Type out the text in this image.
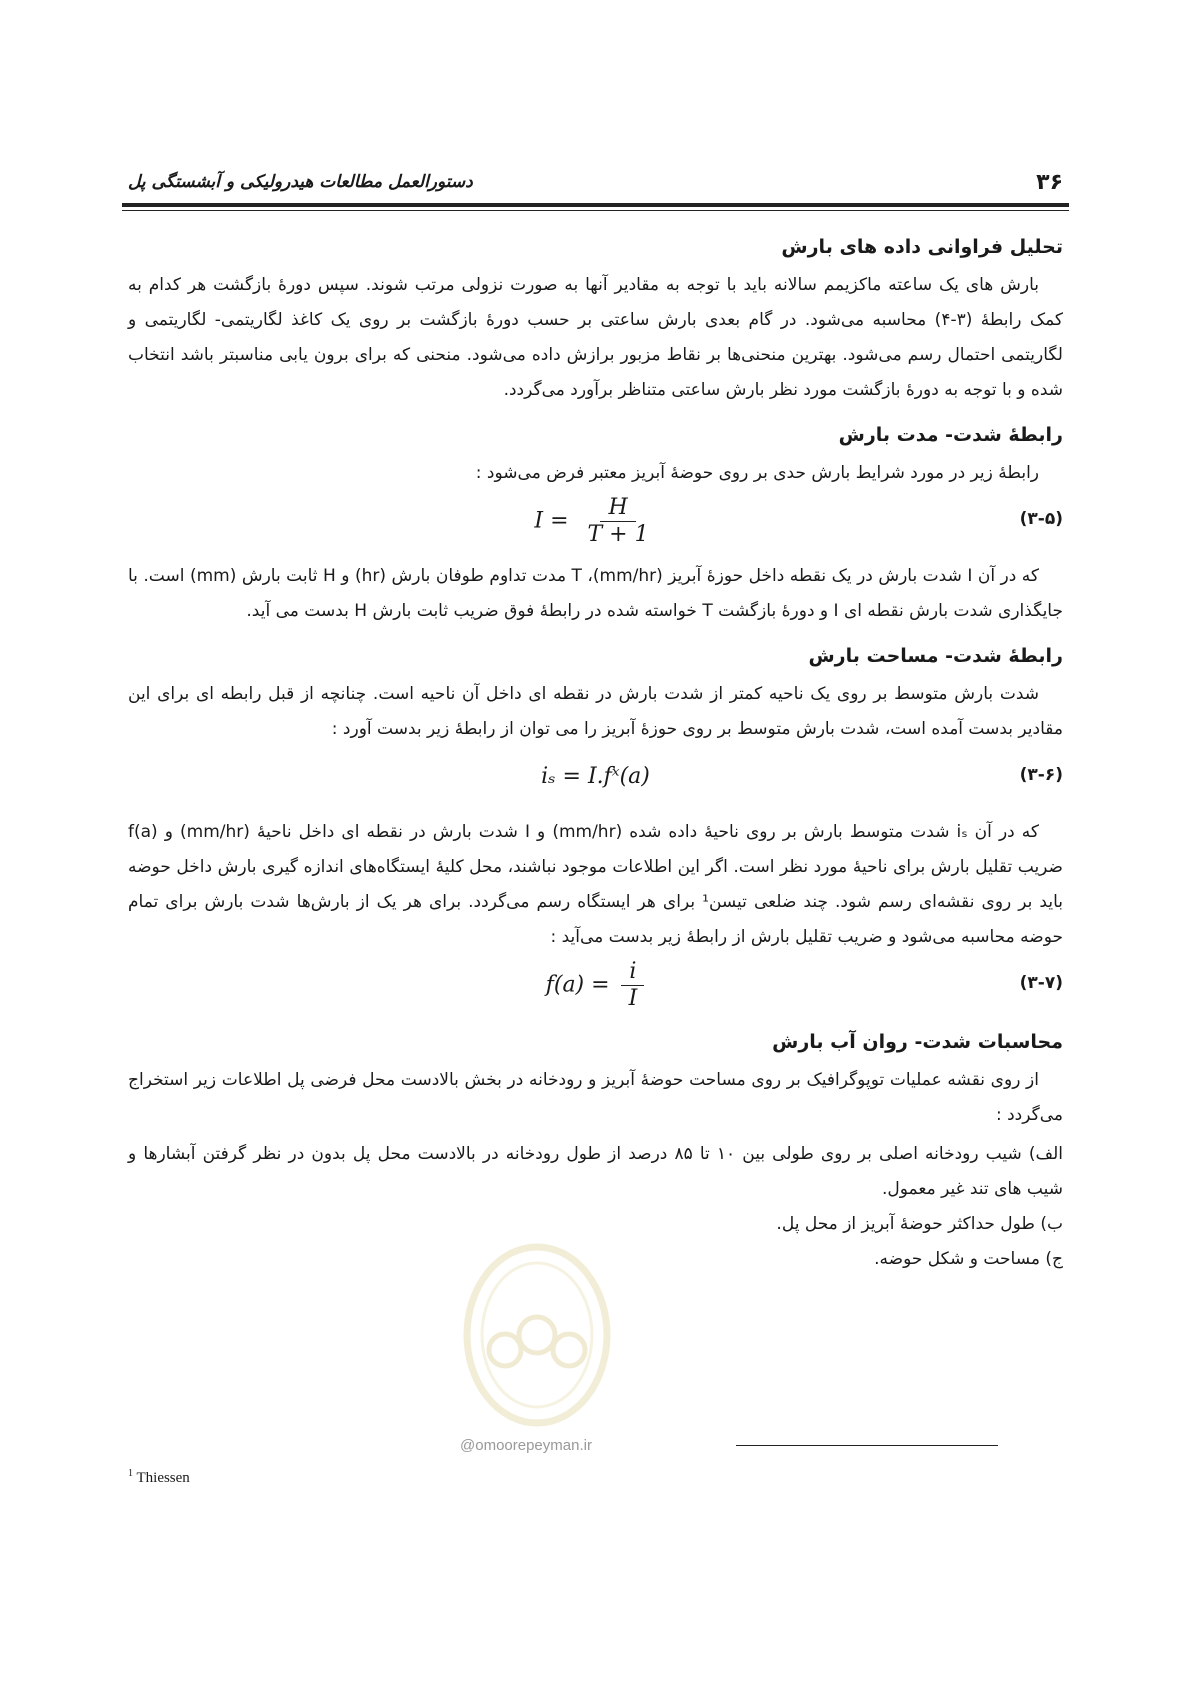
۳۶
دستورالعمل مطالعات هیدرولیکی و آبشستگی پل
تحلیل فراوانی داده های بارش

بارش های یک ساعته ماکزیمم سالانه باید با توجه به مقادیر آنها به صورت نزولی مرتب شوند. سپس دورهٔ بازگشت هر کدام به کمک رابطهٔ (۳-۴) محاسبه می‌شود. در گام بعدی بارش ساعتی بر حسب دورهٔ بازگشت بر روی یک کاغذ لگاریتمی- لگاریتمی و لگاریتمی احتمال رسم می‌شود. بهترین منحنی‌ها بر نقاط مزبور برازش داده می‌شود. منحنی که برای برون یابی مناسبتر باشد انتخاب شده و با توجه به دورهٔ بازگشت مورد نظر بارش ساعتی متناظر برآورد می‌گردد.

رابطهٔ شدت- مدت بارش

رابطهٔ زیر در مورد شرایط بارش حدی بر روی حوضهٔ آبریز معتبر فرض می‌شود :

(۳-۵)
$I = \frac{H}{T + 1}$

که در آن I شدت بارش در یک نقطه داخل حوزهٔ آبریز (mm/hr)، T مدت تداوم طوفان بارش (hr) و H ثابت بارش (mm) است. با جایگذاری شدت بارش نقطه ای I و دورهٔ بازگشت T خواسته شده در رابطهٔ فوق ضریب ثابت بارش H بدست می آید.

رابطهٔ شدت- مساحت بارش

شدت بارش متوسط بر روی یک ناحیه کمتر از شدت بارش در نقطه ای داخل آن ناحیه است. چنانچه از قبل رابطه ای برای این مقادیر بدست آمده است، شدت بارش متوسط بر روی حوزهٔ آبریز را می توان از رابطهٔ زیر بدست آورد :

(۳-۶)
iₛ = I.fˣ(a)

که در آن iₛ شدت متوسط بارش بر روی ناحیهٔ داده شده (mm/hr) و I شدت بارش در نقطه ای داخل ناحیهٔ (mm/hr) و f(a) ضریب تقلیل بارش برای ناحیهٔ مورد نظر است. اگر این اطلاعات موجود نباشند، محل کلیهٔ ایستگاه‌های اندازه گیری بارش داخل حوضه باید بر روی نقشه‌ای رسم شود. چند ضلعی تیسن¹ برای هر ایستگاه رسم می‌گردد. برای هر یک از بارش‌ها شدت بارش برای تمام حوضه محاسبه می‌شود و ضریب تقلیل بارش از رابطهٔ زیر بدست می‌آید :

(۳-۷)
$f(a) = \frac{i}{I}$
محاسبات شدت- روان آب بارش

از روی نقشه عملیات توپوگرافیک بر روی مساحت حوضهٔ آبریز و رودخانه در بخش بالادست محل فرضی پل اطلاعات زیر استخراج می‌گردد :

الف) شیب رودخانه اصلی بر روی طولی بین ۱۰ تا ۸۵ درصد از طول رودخانه در بالادست محل پل بدون در نظر گرفتن آبشارها و شیب های تند غیر معمول.

ب) طول حداکثر حوضهٔ آبریز از محل پل.

ج) مساحت و شکل حوضه.

@omoorepeyman.ir
$^1$ Thiessen
